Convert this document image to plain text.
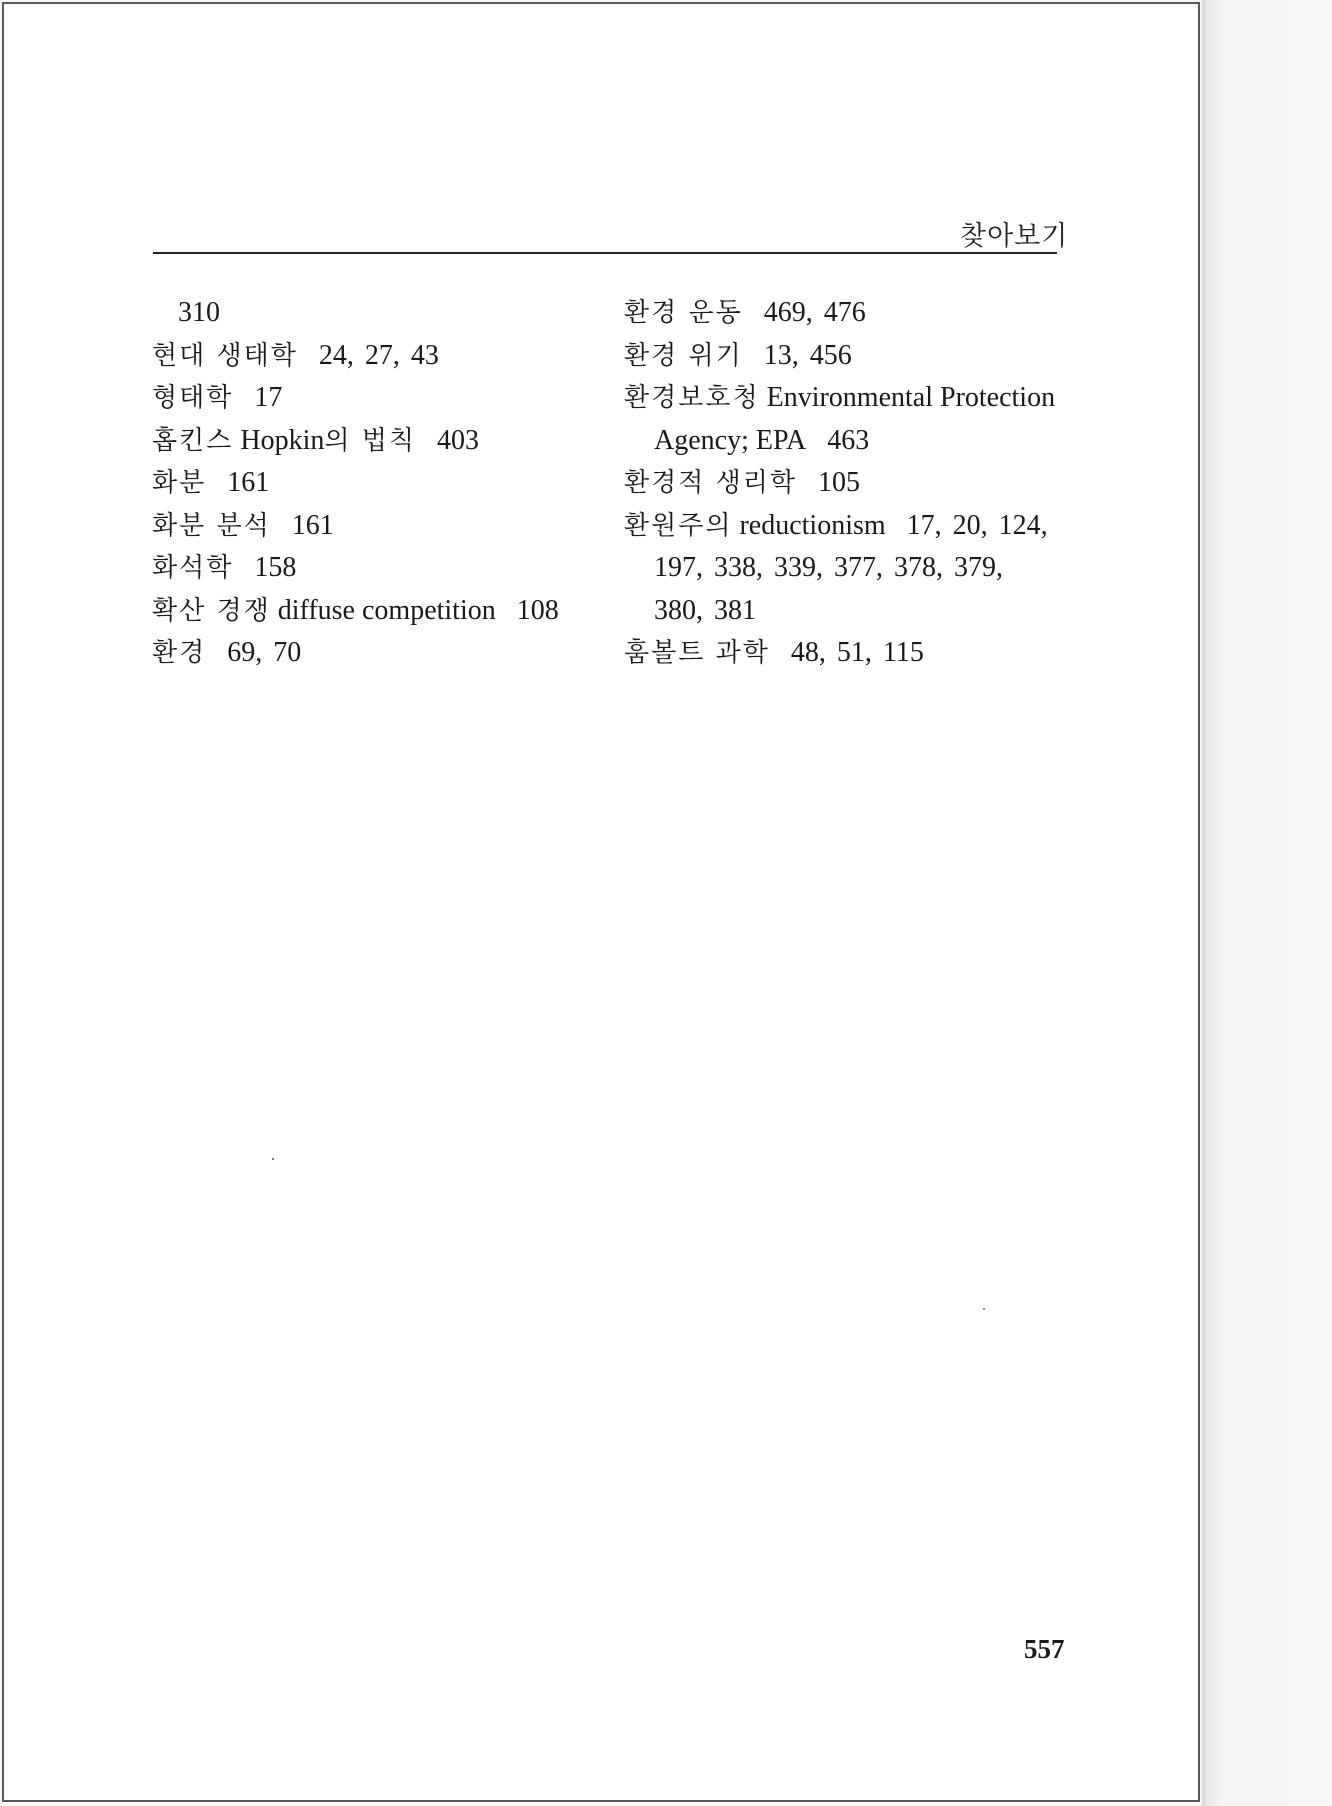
찾아보기
310
현대 생태학 24, 27, 43
형태학 17
홉킨스 Hopkin의 법칙 403
화분 161
화분 분석 161
화석학 158
확산 경쟁 diffuse competition 108
환경 69, 70
환경 운동 469, 476
환경 위기 13, 456
환경보호청 Environmental Protection
Agency; EPA 463
환경적 생리학 105
환원주의 reductionism 17, 20, 124,
197, 338, 339, 377, 378, 379,
380, 381
훔볼트 과학 48, 51, 115
557
